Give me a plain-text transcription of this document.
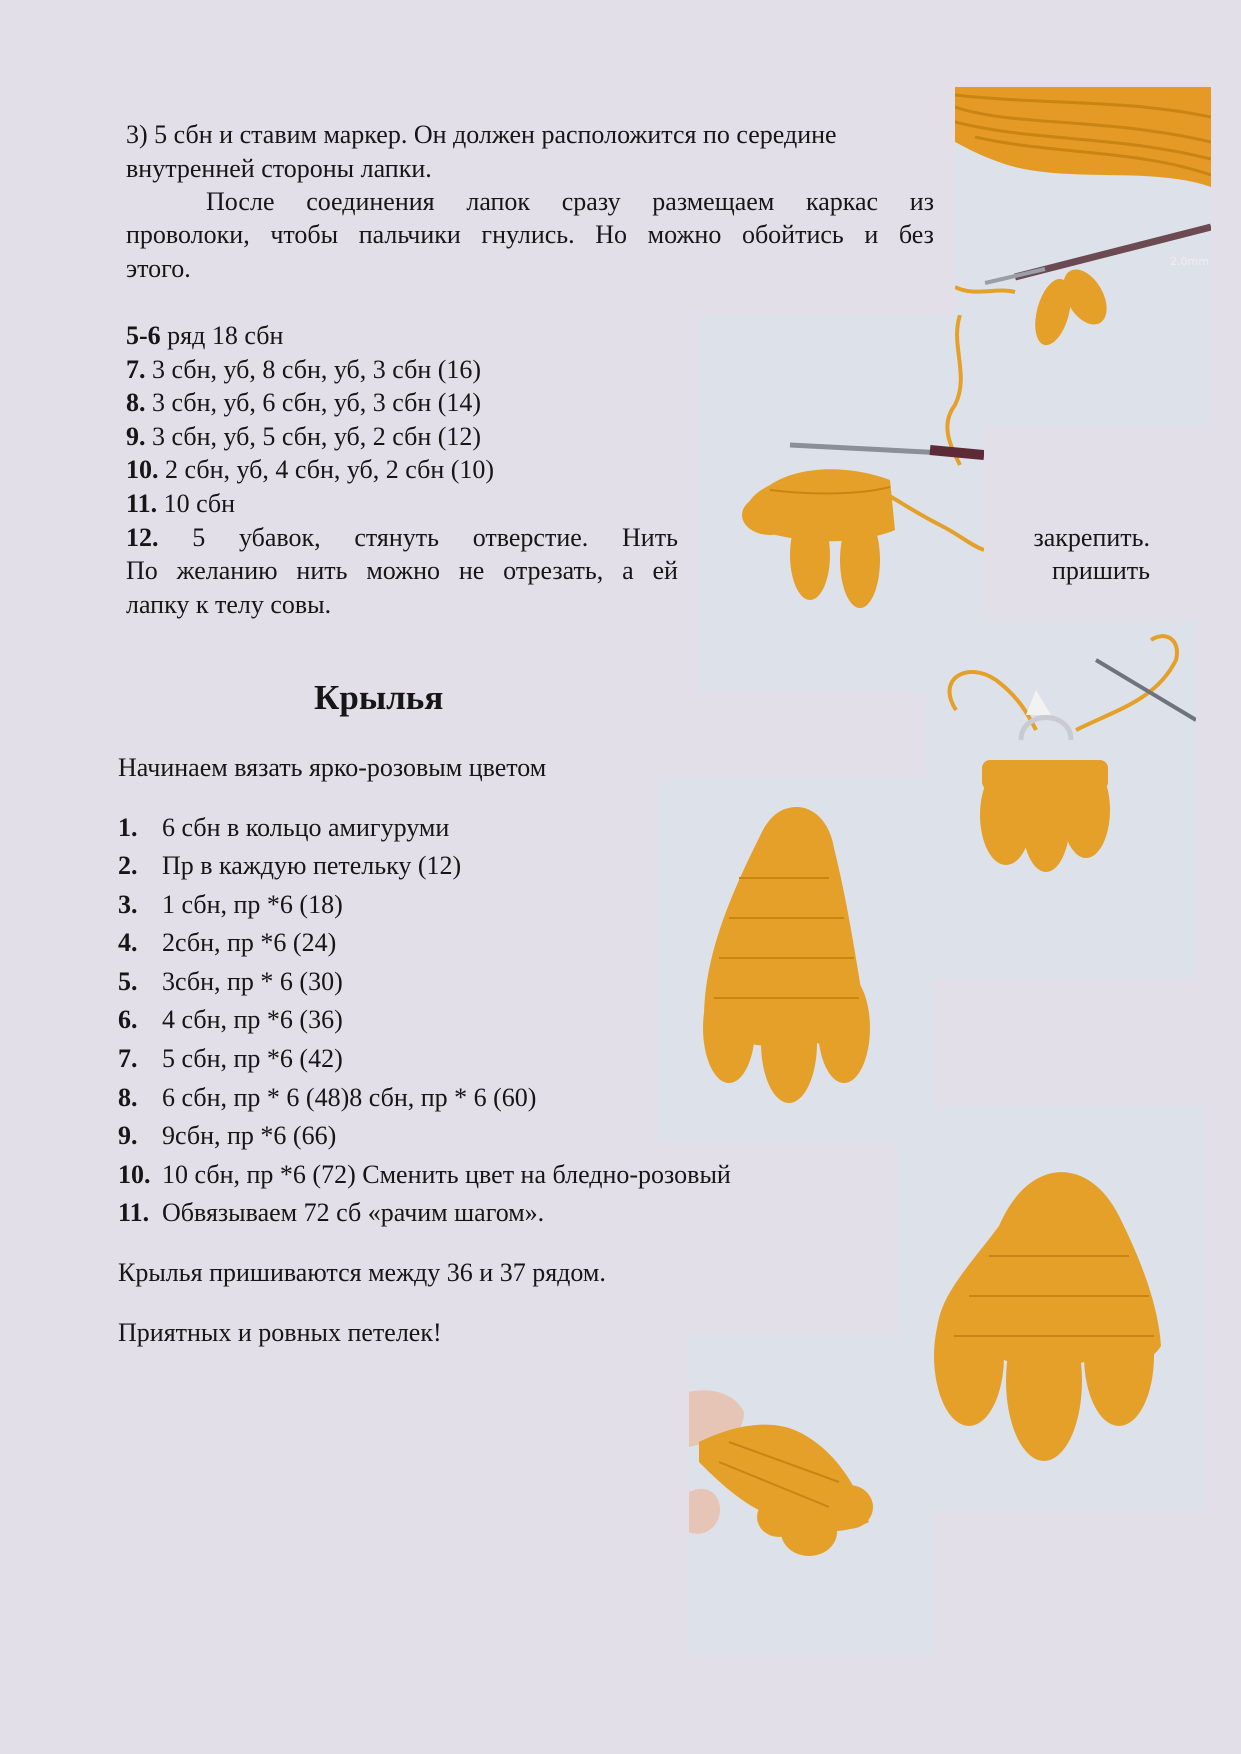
3) 5 сбн и ставим маркер. Он должен расположится по середине
внутренней стороны лапки.
После соединения лапок сразу размещаем каркас из
проволоки, чтобы пальчики гнулись. Но можно обойтись и без
этого.
5-6 ряд 18 сбн
7. 3 сбн, уб, 8 сбн, уб, 3 сбн (16)
8. 3 сбн, уб, 6 сбн, уб, 3 сбн (14)
9. 3 сбн, уб, 5 сбн, уб, 2 сбн (12)
10. 2 сбн, уб, 4 сбн, уб, 2 сбн (10)
11. 10 сбн
12. 5 убавок, стянуть отверстие. Нить	закрепить.
По желанию нить можно не отрезать, а ей	пришить
лапку к телу совы.
Крылья
Начинаем вязать ярко-розовым цветом
1. 6 сбн в кольцо амигуруми
2. Пр в каждую петельку (12)
3. 1 сбн, пр *6 (18)
4. 2сбн, пр *6 (24)
5. 3сбн, пр * 6 (30)
6. 4 сбн, пр *6 (36)
7. 5 сбн, пр *6 (42)
8. 6 сбн, пр * 6 (48)8 сбн, пр * 6 (60)
9. 9сбн, пр *6 (66)
10. 10 сбн, пр *6 (72) Сменить цвет на бледно-розовый
11. Обвязываем 72 сб «рачим шагом».
Крылья пришиваются между 36 и 37 рядом.
Приятных и ровных петелек!
2.0mm
